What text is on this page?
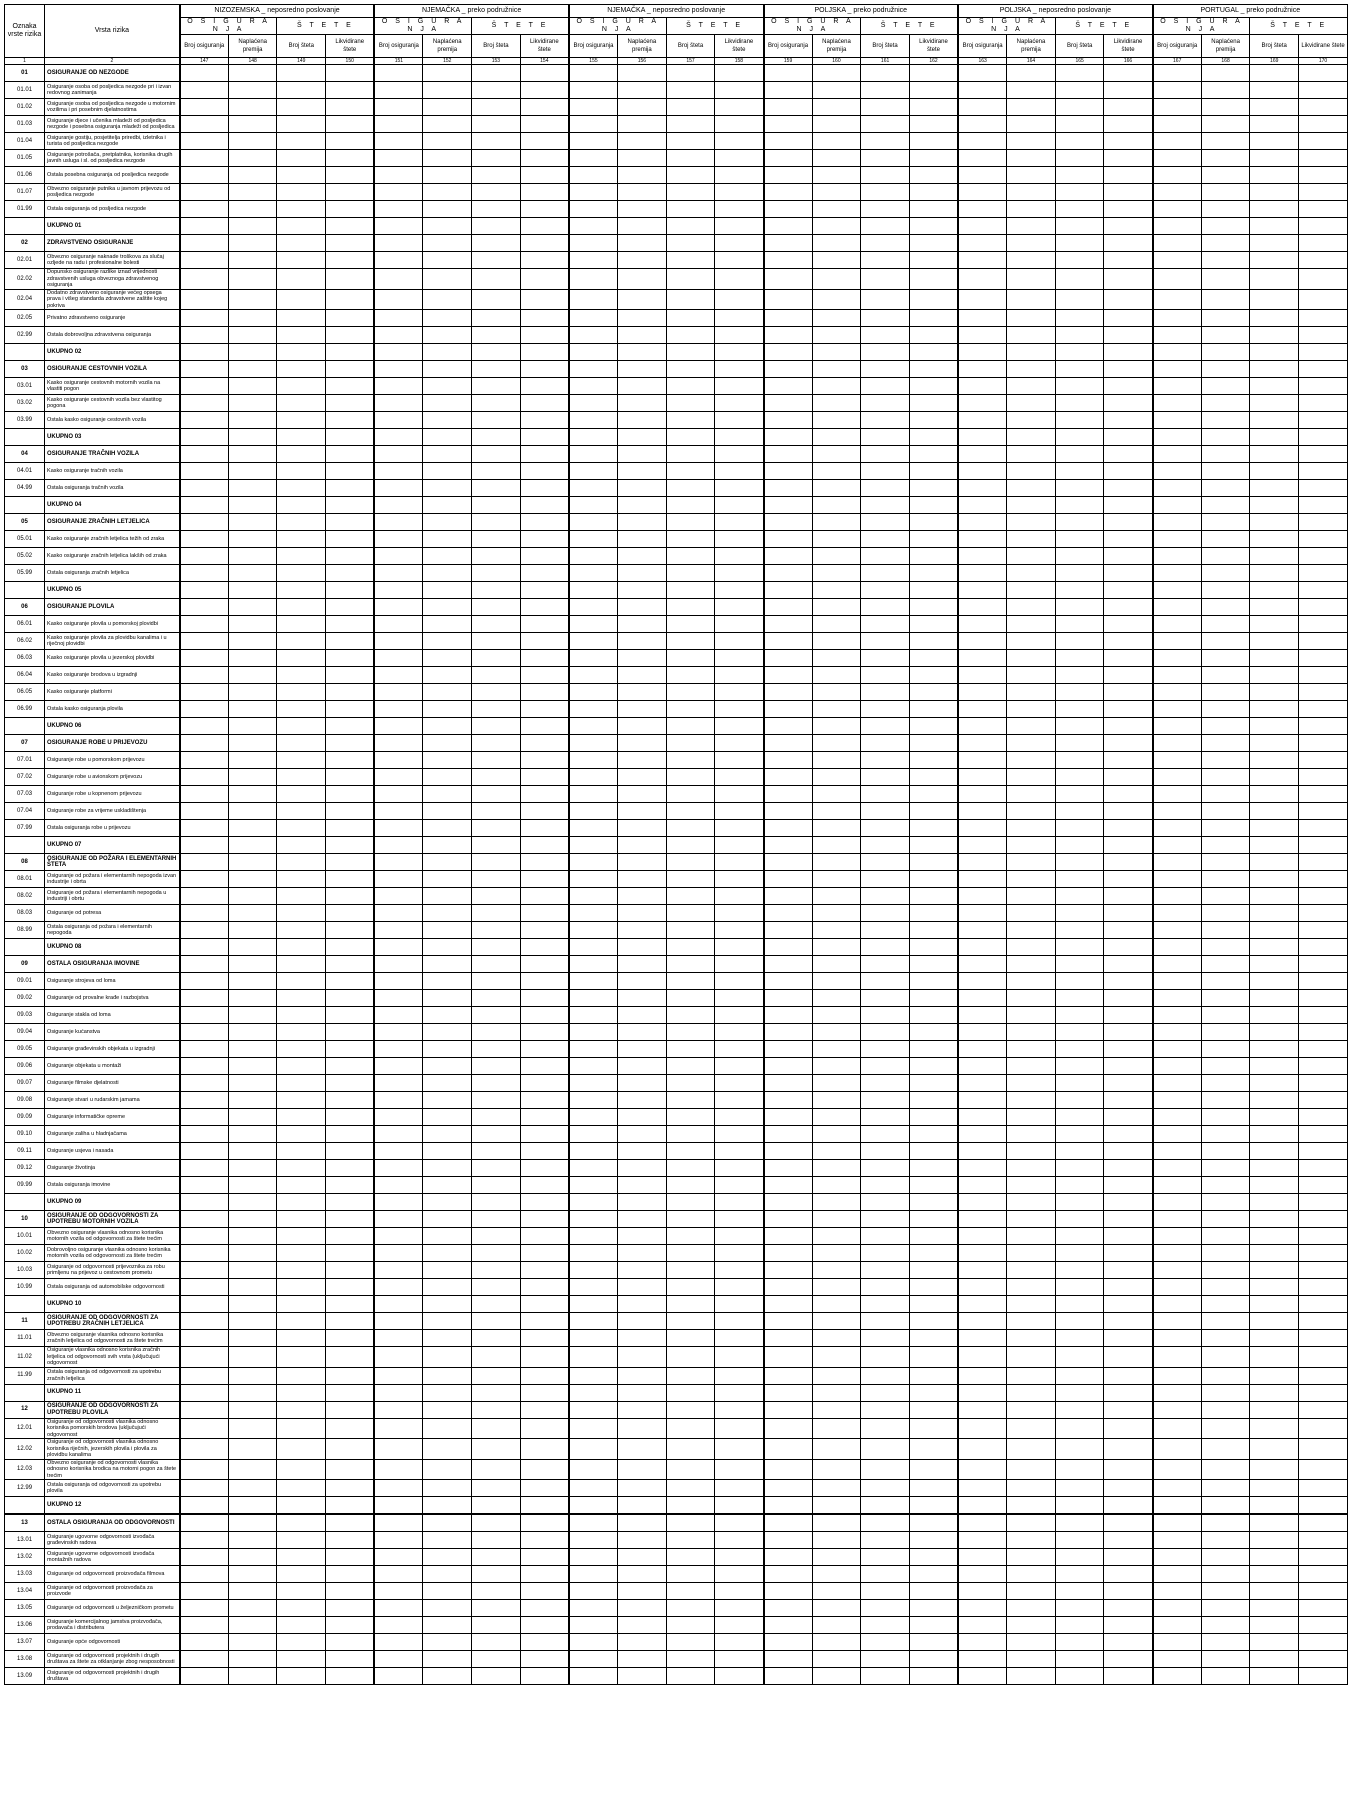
Oznaka vrste rizika	Vrsta rizika	NIZOZEMSKA _ neposredno poslovanje				NJEMAČKA _ preko podružnice				NJEMAČKA _ neposredno poslovanje				POLJSKA _ preko podružnice				POLJSKA _ neposredno poslovanje				PORTUGAL _ preko podružnice			
		O S I G U R A N J A		Š T E T E		O S I G U R A N J A		Š T E T E		O S I G U R A N J A		Š T E T E		O S I G U R A N J A		Š T E T E		O S I G U R A N J A		Š T E T E		O S I G U R A N J A		Š T E T E	
		Broj osiguranja	Naplaćena premija	Broj šteta	Likvidirane štete	Broj osiguranja	Naplaćena premija	Broj šteta	Likvidirane štete	Broj osiguranja	Naplaćena premija	Broj šteta	Likvidirane štete	Broj osiguranja	Naplaćena premija	Broj šteta	Likvidirane štete	Broj osiguranja	Naplaćena premija	Broj šteta	Likvidirane štete	Broj osiguranja	Naplaćena premija	Broj šteta	Likvidirane štete
1	2	147	148	149	150	151	152	153	154	155	156	157	158	159	160	161	162	163	164	165	166	167	168	169	170
01	OSIGURANJE OD NEZGODE																								
01.01	Osiguranje osoba od posljedica nezgode pri i izvan redovnog zanimanja																								
01.02	Osiguranje osoba od posljedica nezgode u motornim vozilima i pri posebnim djelatnostima																								
01.03	Osiguranje djece i učenika mladeži od posljedica nezgode i posebna osiguranja mladeži od posljedica																								
01.04	Osiguranje gostiju, posjetitelja priredbi, izletnika i turista od posljedica nezgode																								
01.05	Osiguranje potrošača, pretplatnika, korisnika drugih javnih usluga i sl. od posljedica nezgode																								
01.06	Ostala posebna osiguranja od posljedica nezgode																								
01.07	Obvezno osiguranje putnika u javnom prijevozu od posljedica nezgode																								
01.99	Ostala osiguranja od posljedica nezgode																								
	UKUPNO 01																								
02	ZDRAVSTVENO OSIGURANJE																								
02.01	Obvezno osiguranje naknade troškova za slučaj ozljede na radu i profesionalne bolesti																								
02.02	Dopunsko osiguranje razlike iznad vrijednosti zdravstvenih usluga obveznoga zdravstvenog osiguranja																								
02.04	Dodatno zdravstveno osiguranje većeg opsega prava i višeg standarda zdravstvene zaštite kojeg pokriva																								
02.05	Privatno zdravstveno osiguranje																								
02.99	Ostala dobrovoljna zdravstvena osiguranja																								
	UKUPNO 02																								
03	OSIGURANJE CESTOVNIH VOZILA																								
03.01	Kasko osiguranje cestovnih motornih vozila na vlastiti pogon																								
03.02	Kasko osiguranje cestovnih vozila bez vlastitog pogona																								
03.99	Ostala kasko osiguranje cestovnih vozila																								
	UKUPNO 03																								
04	OSIGURANJE TRAČNIH VOZILA																								
04.01	Kasko osiguranje tračnih vozila																								
04.99	Ostala osiguranja tračnih vozila																								
	UKUPNO 04																								
05	OSIGURANJE ZRAČNIH LETJELICA																								
05.01	Kasko osiguranje zračnih letjelica težih od zraka																								
05.02	Kasko osiguranje zračnih letjelica lakših od zraka																								
05.99	Ostala osiguranja zračnih letjelica																								
	UKUPNO 05																								
06	OSIGURANJE PLOVILA																								
06.01	Kasko osiguranje plovila u pomorskoj plovidbi																								
06.02	Kasko osiguranje plovila za plovidbu kanalima i u riječnoj plovidbi																								
06.03	Kasko osiguranje plovila u jezerskoj plovidbi																								
06.04	Kasko osiguranje brodova u izgradnji																								
06.05	Kasko osiguranje platformi																								
06.99	Ostala kasko osiguranja plovila																								
	UKUPNO 06																								
07	OSIGURANJE ROBE U PRIJEVOZU																								
07.01	Osiguranje robe u pomorskom prijevozu																								
07.02	Osiguranje robe u avionskom prijevozu																								
07.03	Osiguranje robe u kopnenom prijevozu																								
07.04	Osiguranje robe za vrijeme uskladištenja																								
07.99	Ostala osiguranja robe u prijevozu																								
	UKUPNO 07																								
08	OSIGURANJE OD POŽARA I ELEMENTARNIH ŠTETA																								
08.01	Osiguranje od požara i elementarnih nepogoda izvan industrije i obrta																								
08.02	Osiguranje od požara i elementarnih nepogoda u industriji i obrtu																								
08.03	Osiguranje od potresa																								
08.99	Ostala osiguranja od požara i elementarnih nepogoda																								
	UKUPNO 08																								
09	OSTALA OSIGURANJA IMOVINE																								
09.01	Osiguranje strojeva od loma																								
09.02	Osiguranje od provalne krađe i razbojstva																								
09.03	Osiguranje stakla od loma																								
09.04	Osiguranje kućanstva																								
09.05	Osiguranje građevinskih objekata u izgradnji																								
09.06	Osiguranje objekata u montaži																								
09.07	Osiguranje filmske djelatnosti																								
09.08	Osiguranje stvari u rudarskim jamama																								
09.09	Osiguranje informatičke opreme																								
09.10	Osiguranje zaliha u hladnjačama																								
09.11	Osiguranje usjeva i nasada																								
09.12	Osiguranje životinja																								
09.99	Ostala osiguranja imovine																								
	UKUPNO 09																								
10	OSIGURANJE OD ODGOVORNOSTI ZA UPOTREBU MOTORNIH VOZILA																								
10.01	Obvezno osiguranje vlasnika odnosno korisnika motornih vozila od odgovornosti za štete trećim																								
10.02	Dobrovoljno osiguranje vlasnika odnosno korisnika motornih vozila od odgovornosti za štete trećim																								
10.03	Osiguranje od odgovornosti prijevoznika za robu primljenu na prijevoz u cestovnom prometu																								
10.99	Ostala osiguranja od automobilske odgovornosti																								
	UKUPNO 10																								
11	OSIGURANJE OD ODGOVORNOSTI ZA UPOTREBU ZRAČNIH LETJELICA																								
11.01	Obvezno osiguranje vlasnika odnosno korisnika zračnih letjelica od odgovornosti za štete trećim																								
11.02	Osiguranje vlasnika odnosno korisnika zračnih letjelica od odgovornosti svih vrsta (uključujući odgovornost																								
11.99	Ostala osiguranja od odgovornosti za upotrebu zračnih letjelica																								
	UKUPNO 11																								
12	OSIGURANJE OD ODGOVORNOSTI ZA UPOTREBU PLOVILA																								
12.01	Osiguranje od odgovornosti vlasnika odnosno korisnika pomorskih brodova (uključujući odgovornost																								
12.02	Osiguranje od odgovornosti vlasnika odnosno korisnika riječnih, jezerskih plovila i plovila za plovidbu kanalima																								
12.03	Obvezno osiguranje od odgovornosti vlasnika odnosno korisnika brodica na motorni pogon za štete trećim																								
12.99	Ostala osiguranja od odgovornosti za upotrebu plovila																								
	UKUPNO 12																								
13	OSTALA OSIGURANJA OD ODGOVORNOSTI																								
13.01	Osiguranje ugovorne odgovornosti izvođača građevinskih radova																								
13.02	Osiguranje ugovorne odgovornosti izvođača montažnih radova																								
13.03	Osiguranje od odgovornosti proizvođača filmova																								
13.04	Osiguranje od odgovornosti proizvođača za proizvode																								
13.05	Osiguranje od odgovornosti u željezničkom prometu																								
13.06	Osiguranje komercijalnog jamstva proizvođača, prodavača i distributera																								
13.07	Osiguranje opće odgovornosti																								
13.08	Osiguranje od odgovornosti projektnih i drugih društava za štete za otklanjanje zbog nesposobnosti																								
13.09	Osiguranje od odgovornosti projektnih i drugih društava																								
